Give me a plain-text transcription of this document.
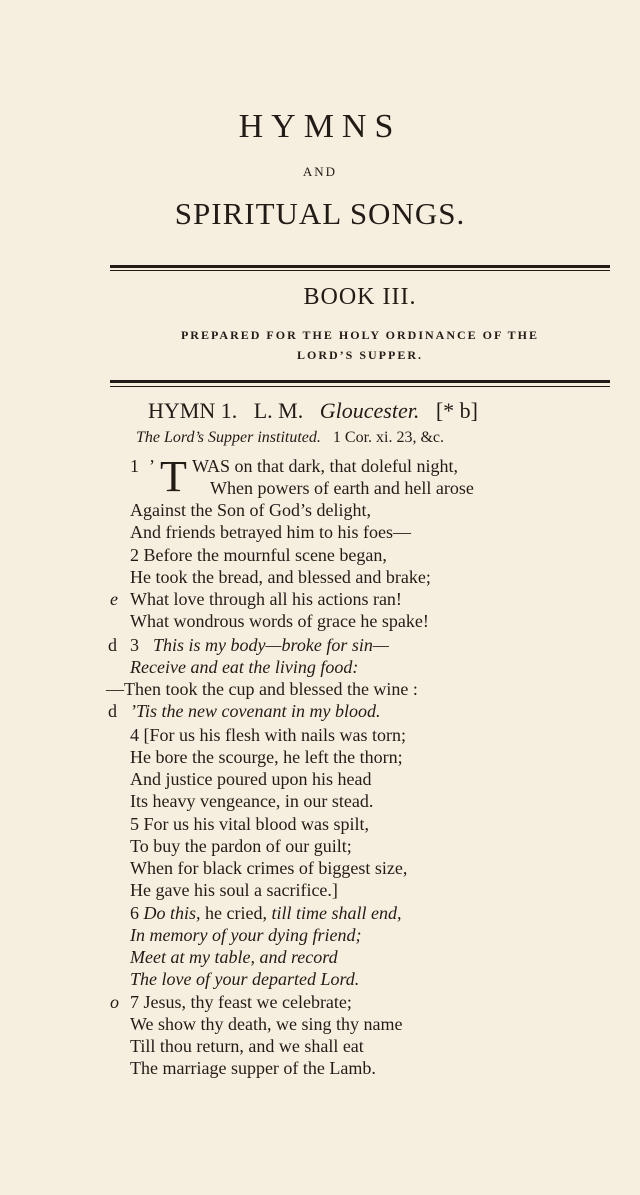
HYMNS
AND
SPIRITUAL SONGS.
BOOK III.
PREPARED FOR THE HOLY ORDINANCE OF THE
LORD’S SUPPER.
HYMN 1. L. M. Gloucester. [* b]
The Lord’s Supper instituted. 1 Cor. xi. 23, &c.
1 ’ T WAS on that dark, that doleful night,
When powers of earth and hell arose
Against the Son of God’s delight,
And friends betrayed him to his foes—
2 Before the mournful scene began,
He took the bread, and blessed and brake;
e What love through all his actions ran!
What wondrous words of grace he spake!
d 3 This is my body—broke for sin—
Receive and eat the living food:
—Then took the cup and blessed the wine :
d ’Tis the new covenant in my blood.
4 [For us his flesh with nails was torn;
He bore the scourge, he left the thorn;
And justice poured upon his head
Its heavy vengeance, in our stead.
5 For us his vital blood was spilt,
To buy the pardon of our guilt;
When for black crimes of biggest size,
He gave his soul a sacrifice.]
6 Do this, he cried, till time shall end,
In memory of your dying friend;
Meet at my table, and record
The love of your departed Lord.
o 7 Jesus, thy feast we celebrate;
We show thy death, we sing thy name
Till thou return, and we shall eat
The marriage supper of the Lamb.
